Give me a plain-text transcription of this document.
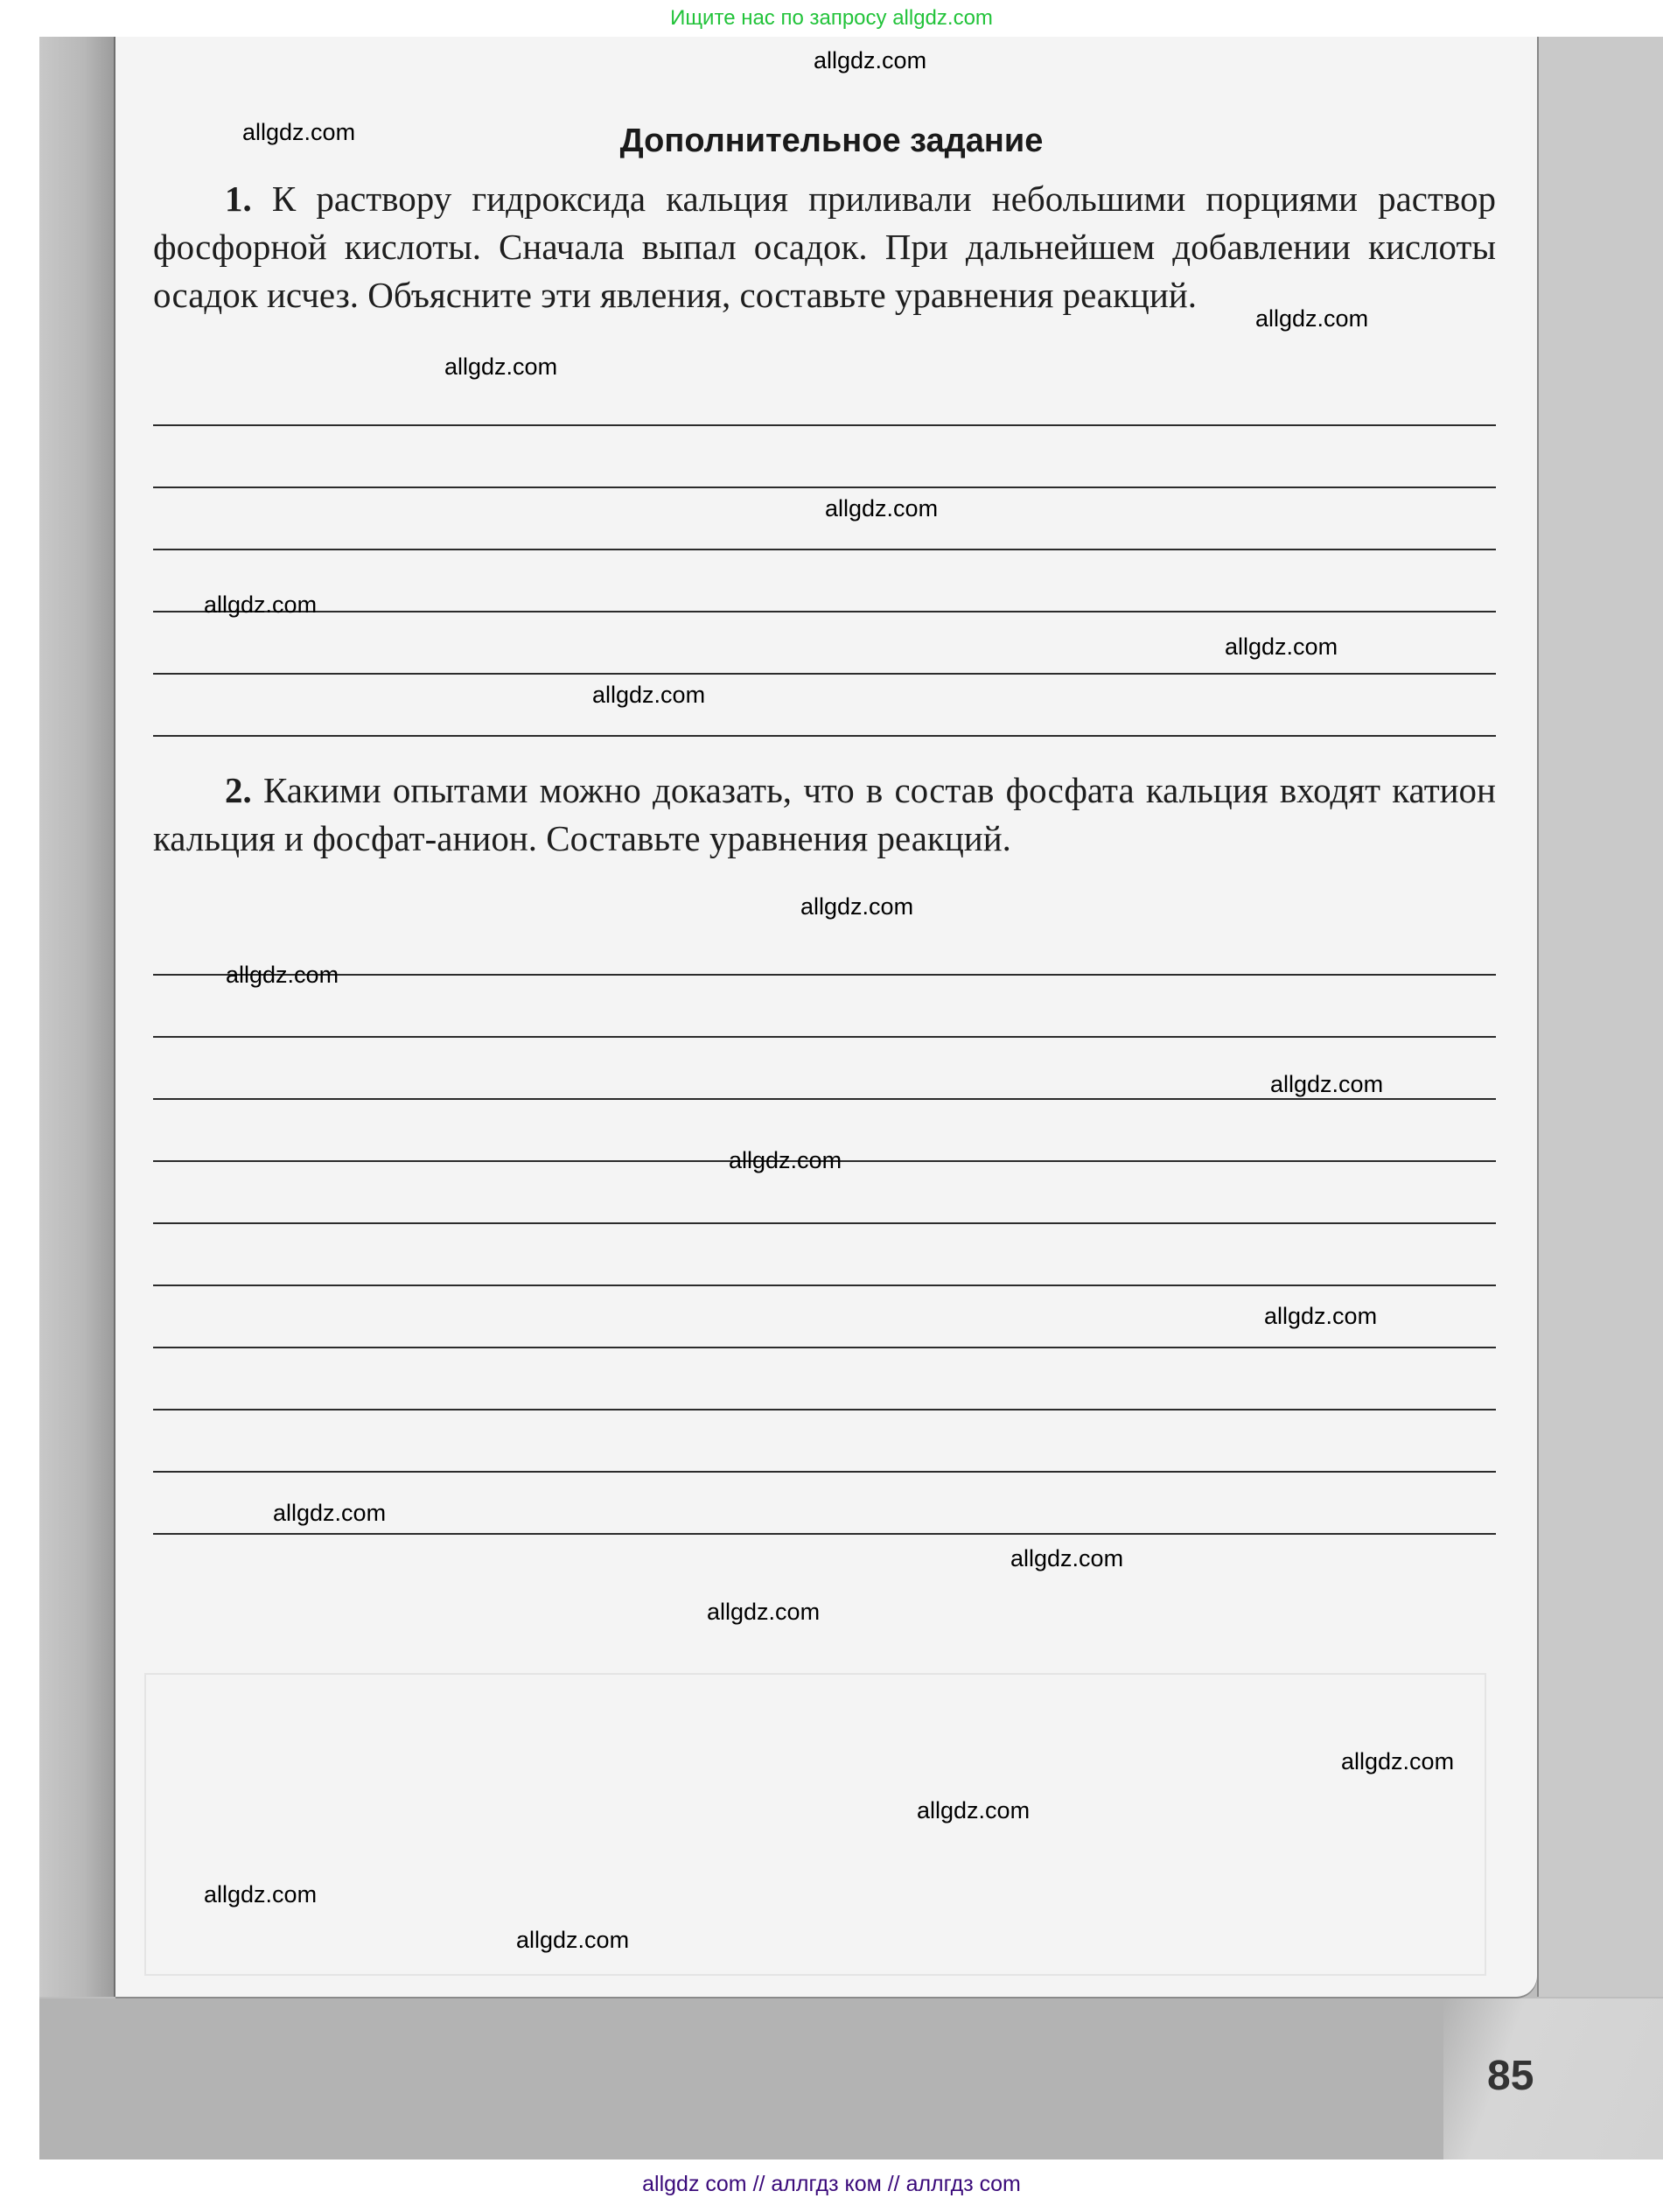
Ищите нас по запросу allgdz.com
Дополнительное задание

1. К раствору гидроксида кальция приливали небольшими порциями раствор фосфорной кислоты. Сначала выпал осадок. При дальнейшем добавлении кислоты осадок исчез. Объясните эти явления, составьте уравнения реакций.

2. Какими опытами можно доказать, что в состав фосфата кальция входят катион кальция и фосфат-анион. Составьте уравнения реакций.

allgdz.com
allgdz.com
allgdz.com
allgdz.com
allgdz.com
allgdz.com
allgdz.com
allgdz.com
allgdz.com
allgdz.com
allgdz.com
allgdz.com
allgdz.com
allgdz.com
allgdz.com
allgdz.com
allgdz.com
allgdz.com
allgdz.com
allgdz.com
85
allgdz com // аллгдз ком // аллгдз com
